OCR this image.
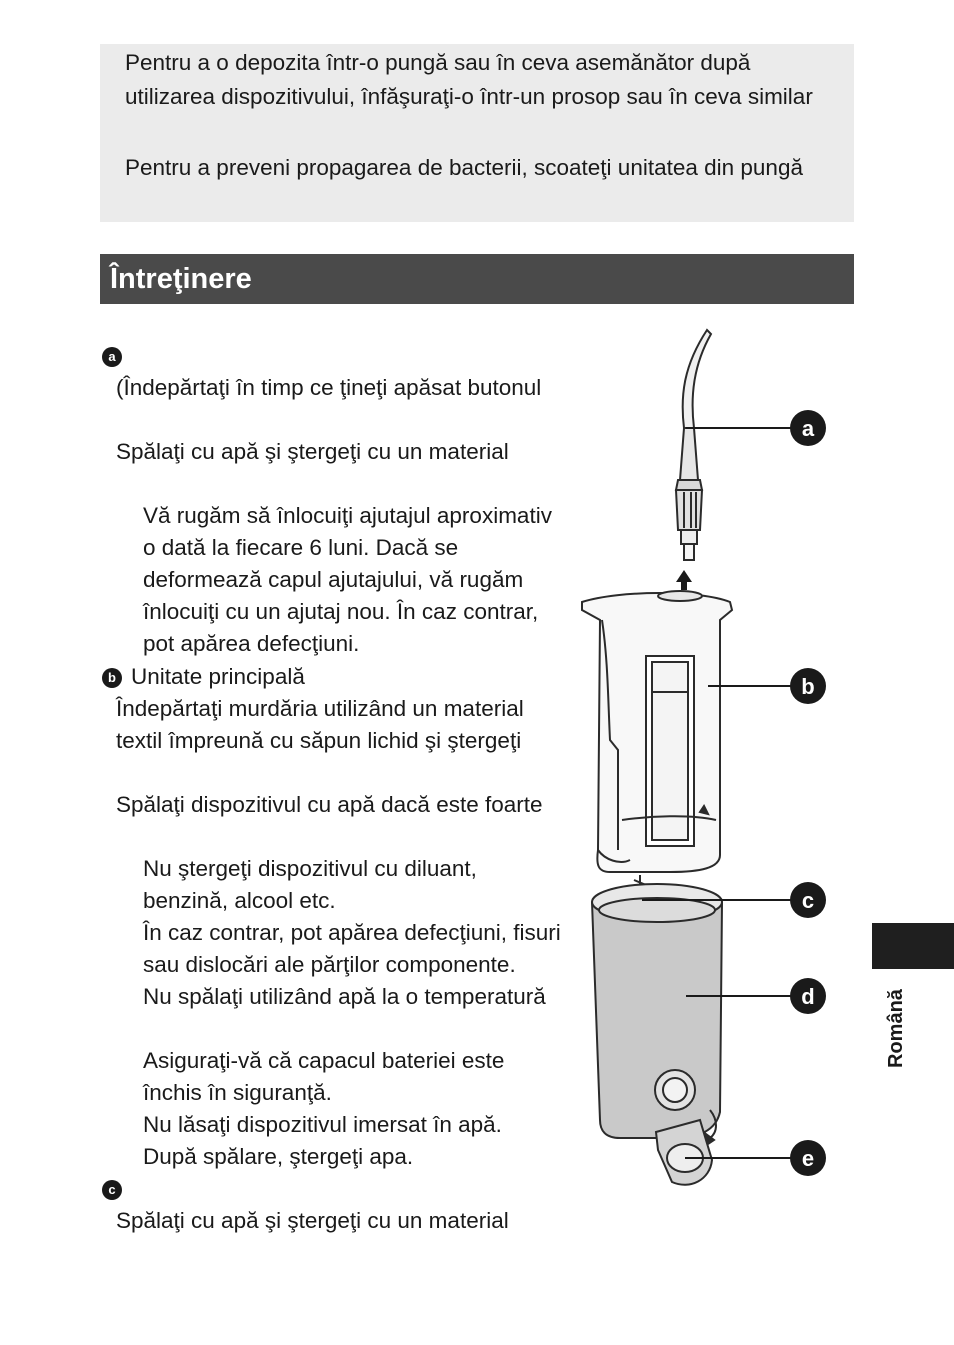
Pentru a o depozita într-o pungă sau în ceva asemănător după
utilizarea dispozitivului, înfăşuraţi-o într-un prosop sau în ceva similar
Pentru a preveni propagarea de bacterii, scoateţi unitatea din pungă
Întreţinere
a
(Îndepărtaţi în timp ce ţineţi apăsat butonul
Spălaţi cu apă şi ştergeţi cu un material
Vă rugăm să înlocuiţi ajutajul aproximativ
o dată la fiecare 6 luni. Dacă se
deformează capul ajutajului, vă rugăm
înlocuiţi cu un ajutaj nou. În caz contrar,
pot apărea defecţiuni.
b Unitate principală
Îndepărtaţi murdăria utilizând un material
textil împreună cu săpun lichid şi ştergeţi
Spălaţi dispozitivul cu apă dacă este foarte
Nu ştergeţi dispozitivul cu diluant,
benzină, alcool etc.
În caz contrar, pot apărea defecţiuni, fisuri
sau dislocări ale părţilor componente.
Nu spălaţi utilizând apă la o temperatură
Asiguraţi-vă că capacul bateriei este
închis în siguranţă.
Nu lăsaţi dispozitivul imersat în apă.
După spălare, ştergeţi apa.
c
Spălaţi cu apă şi ştergeţi cu un material
Română
a
b
c
d
e
